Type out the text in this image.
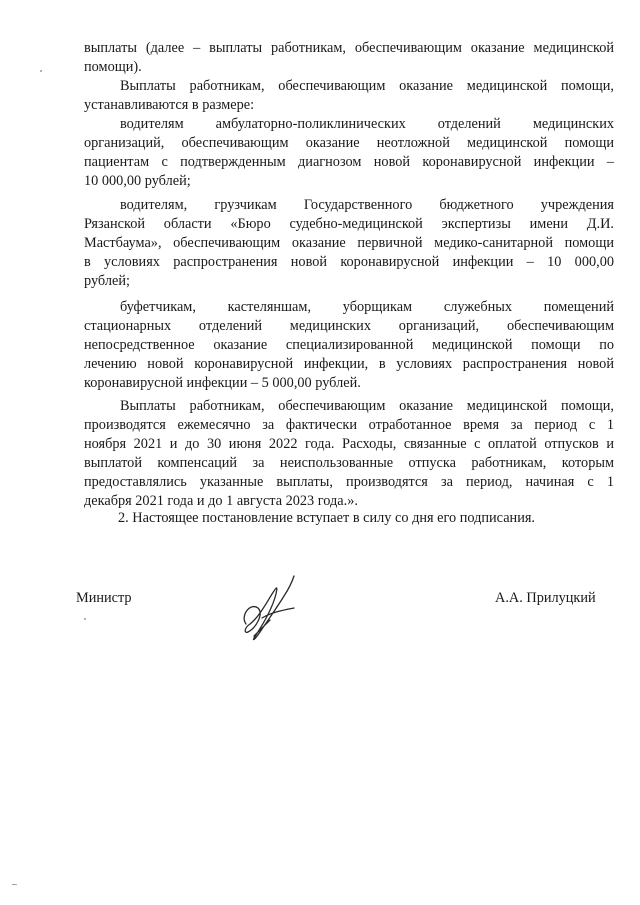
выплаты (далее – выплаты работникам, обеспечивающим оказание медицинской
помощи).
Выплаты работникам, обеспечивающим оказание медицинской помощи,
устанавливаются в размере:
водителям амбулаторно-поликлинических отделений медицинских
организаций, обеспечивающим оказание неотложной медицинской помощи
пациентам с подтвержденным диагнозом новой коронавирусной инфекции –
10 000,00 рублей;
водителям, грузчикам Государственного бюджетного учреждения
Рязанской области «Бюро судебно-медицинской экспертизы имени Д.И.
Мастбаума», обеспечивающим оказание первичной медико-санитарной помощи
в условиях распространения новой коронавирусной инфекции – 10 000,00
рублей;
буфетчикам, кастеляншам, уборщикам служебных помещений
стационарных отделений медицинских организаций, обеспечивающим
непосредственное оказание специализированной медицинской помощи по
лечению новой коронавирусной инфекции, в условиях распространения новой
коронавирусной инфекции – 5 000,00 рублей.
Выплаты работникам, обеспечивающим оказание медицинской помощи,
производятся ежемесячно за фактически отработанное время за период с 1
ноября 2021 и до 30 июня 2022 года. Расходы, связанные с оплатой отпусков и
выплатой компенсаций за неиспользованные отпуска работникам, которым
предоставлялись указанные выплаты, производятся за период, начиная с 1
декабря 2021 года и до 1 августа 2023 года.».
2. Настоящее постановление вступает в силу со дня его подписания.
Министр	А.А. Прилуцкий
